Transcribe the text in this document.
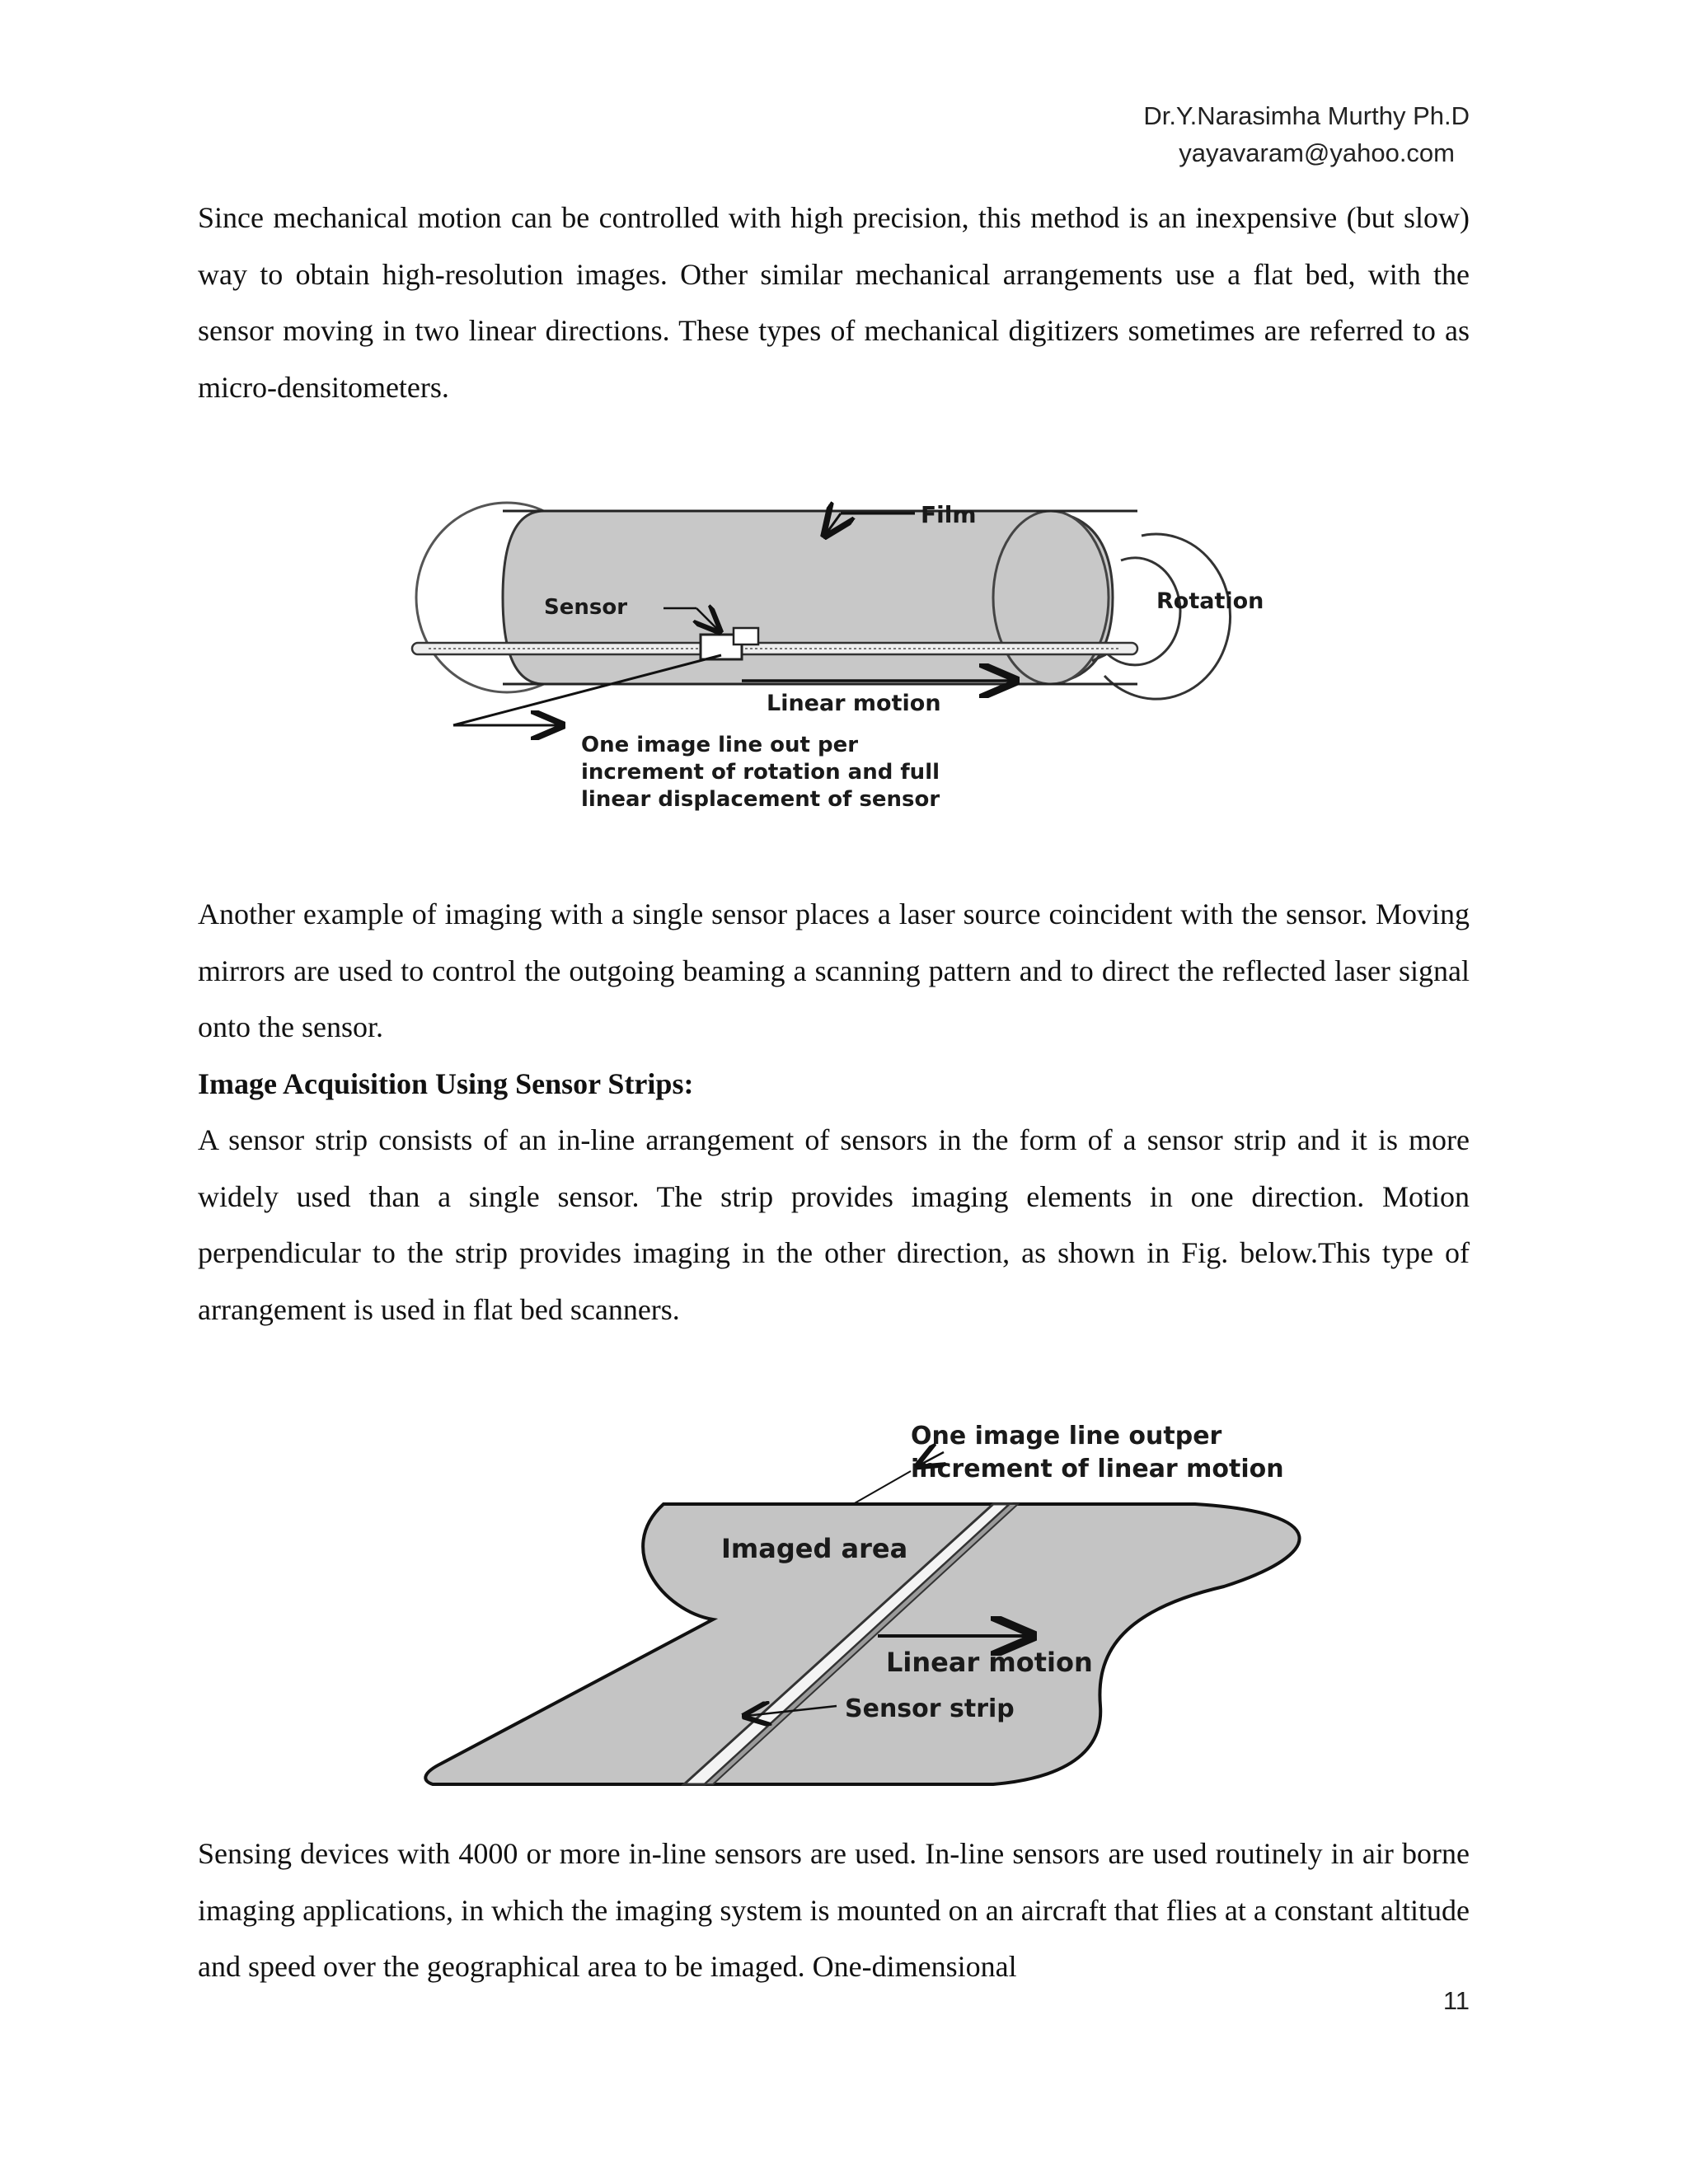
Dr.Y.Narasimha Murthy Ph.D
yayavaram@yahoo.com

Since mechanical motion can be controlled with high precision, this method is an inexpensive (but slow) way to obtain high-resolution images. Other similar mechanical arrangements use a flat bed, with the sensor moving in two linear directions. These types of mechanical digitizers sometimes are referred to as micro-densitometers.

Film
Rotation
Sensor
Linear motion
One image line out per
increment of rotation and full
linear displacement of sensor

Another example of imaging with a single sensor places a laser source coincident with the sensor. Moving mirrors are used to control the outgoing beaming a scanning pattern and to direct the reflected laser signal onto the sensor.

Image Acquisition Using Sensor Strips:

A sensor strip consists of an in-line arrangement of sensors in the form of a sensor strip and it is more widely used than a single sensor. The strip provides imaging elements in one direction. Motion perpendicular to the strip provides imaging in the other direction, as shown in Fig. below.This type of arrangement is used in flat bed scanners.

One image line outper
increment of linear motion
Imaged area
Linear motion
Sensor strip

Sensing devices with 4000 or more in-line sensors are used. In-line sensors are used routinely in air borne imaging applications, in which the imaging system is mounted on an aircraft that flies at a constant altitude and speed over the geographical area to be imaged. One-dimensional

11
